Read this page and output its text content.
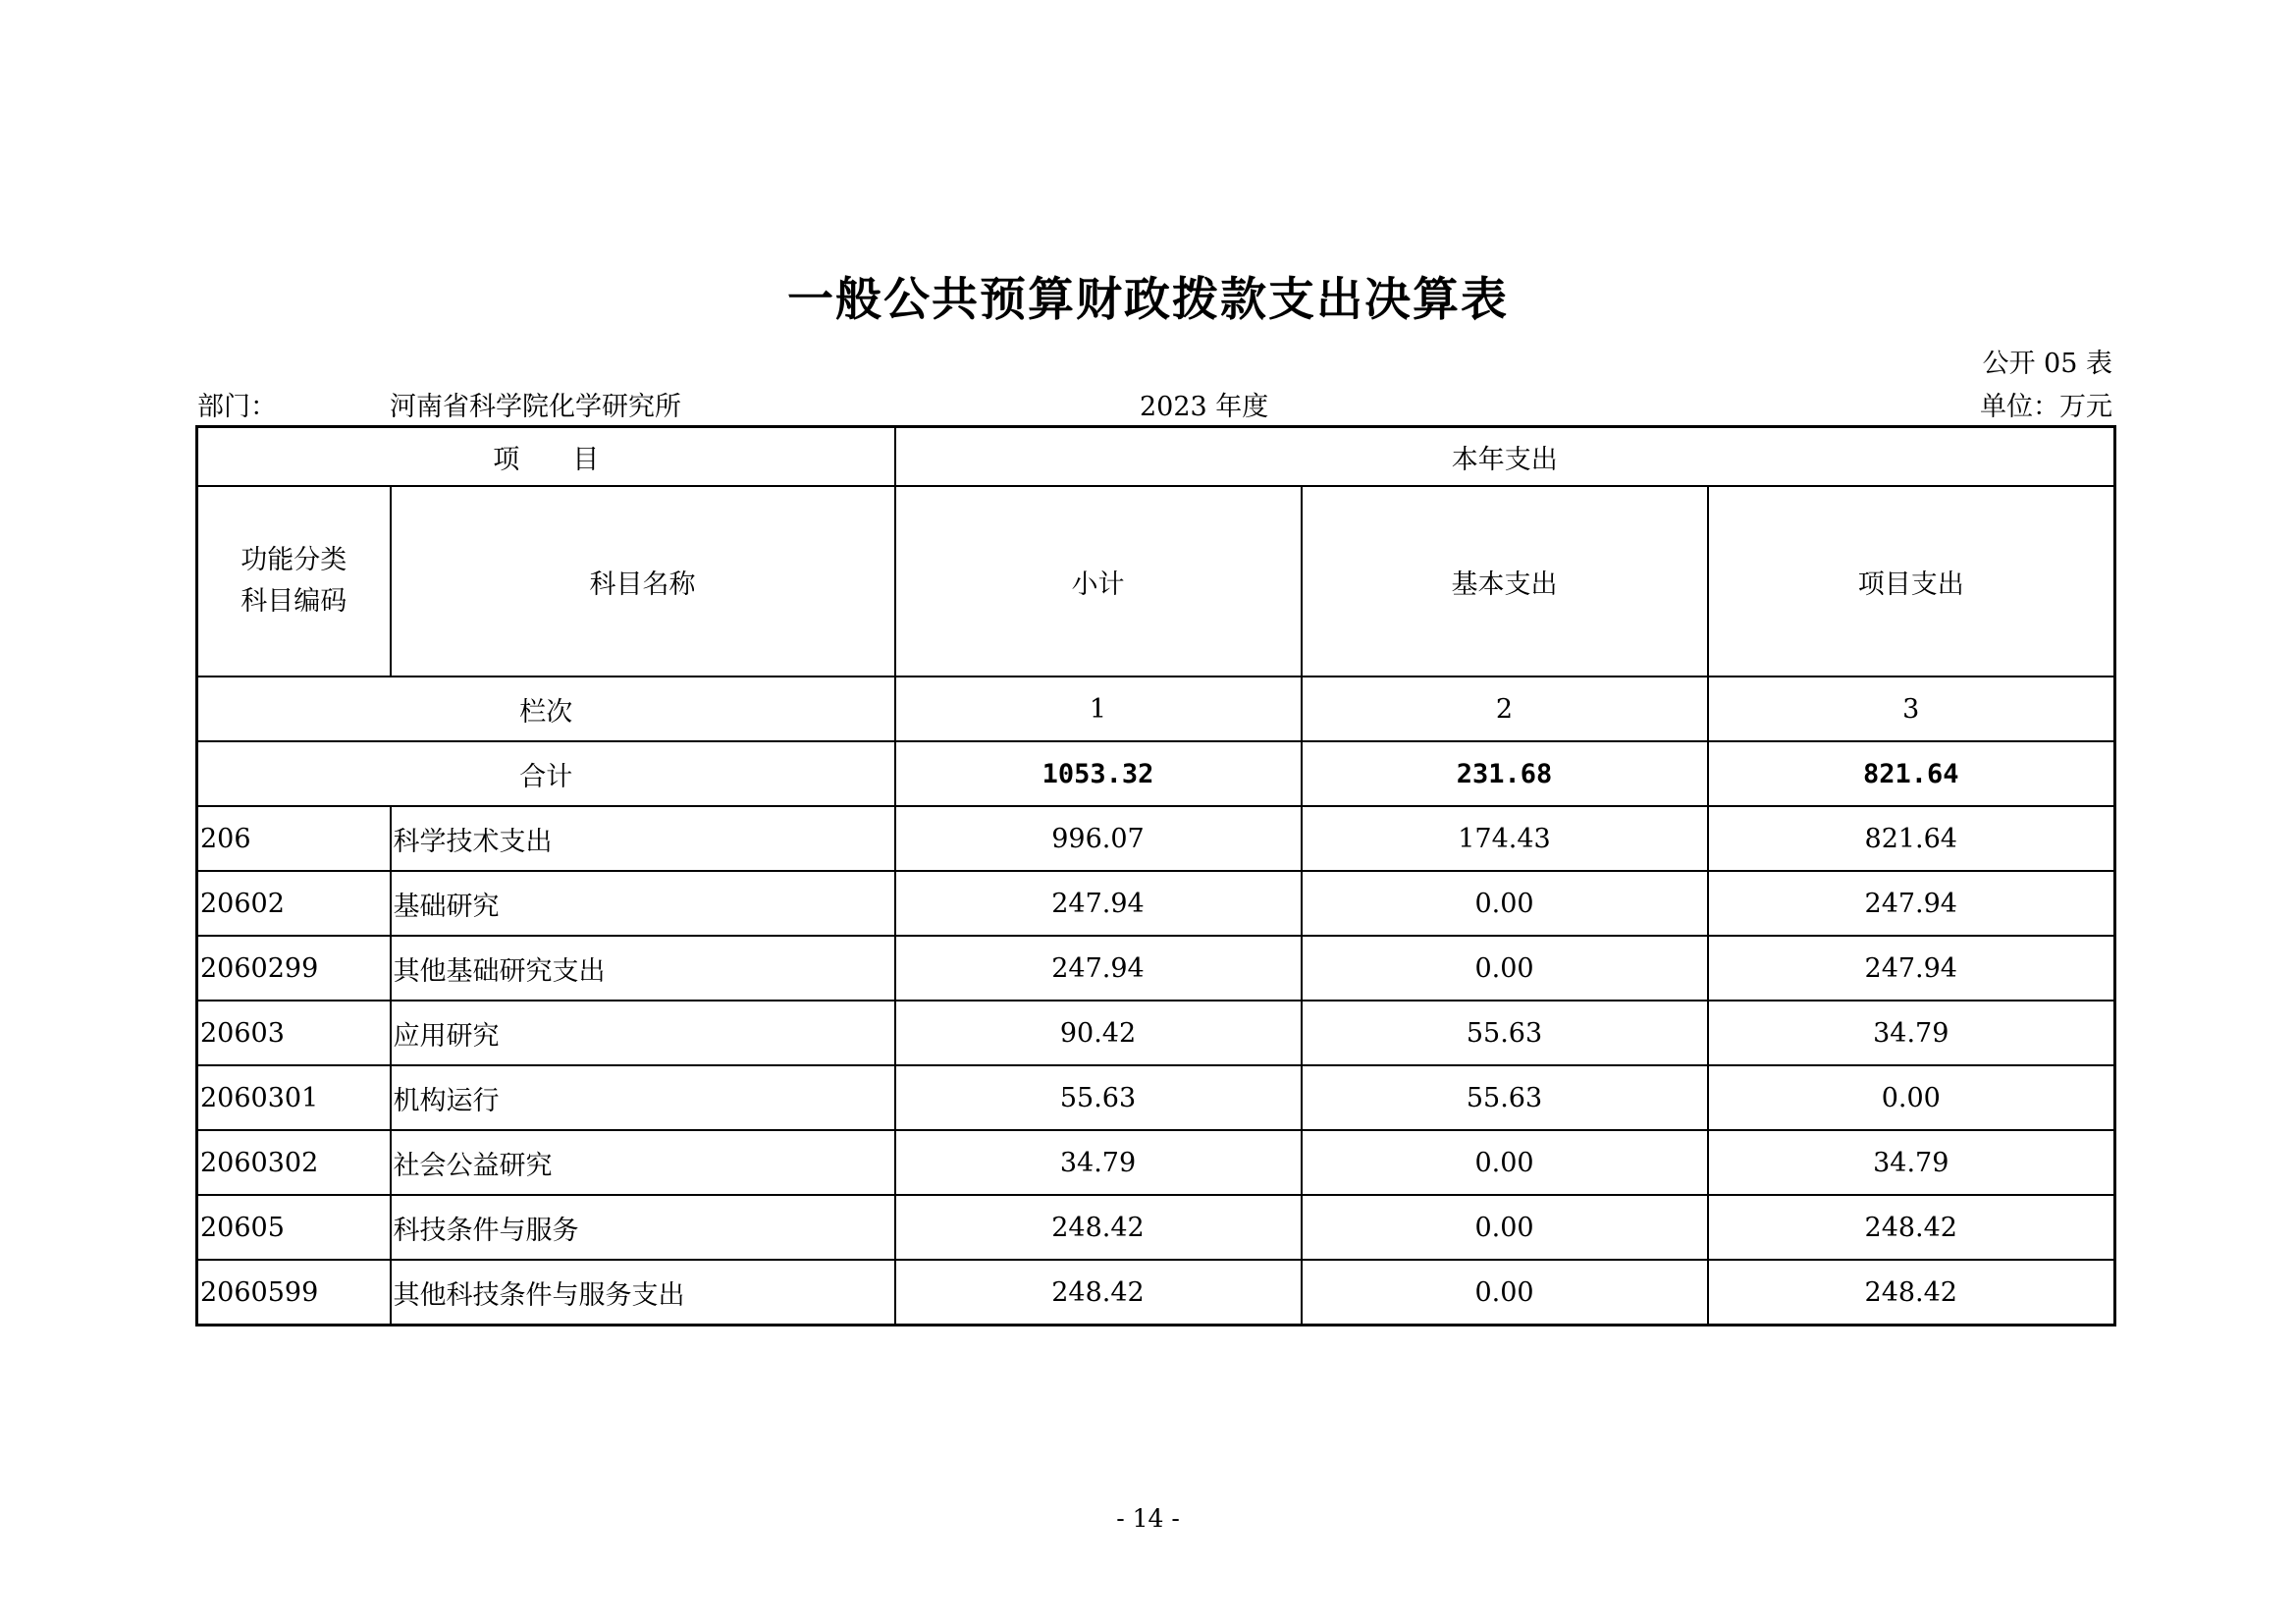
一般公共预算财政拨款支出决算表
公开 05 表
部门：	河南省科学院化学研究所	2023 年度	单位：万元
项　　目		本年支出		

功能分类
科目编码	科目名称	小计	基本支出	项目支出
栏次		1	2	3
合计		1053.32	231.68	821.64
206	科学技术支出	996.07	174.43	821.64
20602	基础研究	247.94	0.00	247.94
2060299	其他基础研究支出	247.94	0.00	247.94
20603	应用研究	90.42	55.63	34.79
2060301	机构运行	55.63	55.63	0.00
2060302	社会公益研究	34.79	0.00	34.79
20605	科技条件与服务	248.42	0.00	248.42
2060599	其他科技条件与服务支出	248.42	0.00	248.42
- 14 -
